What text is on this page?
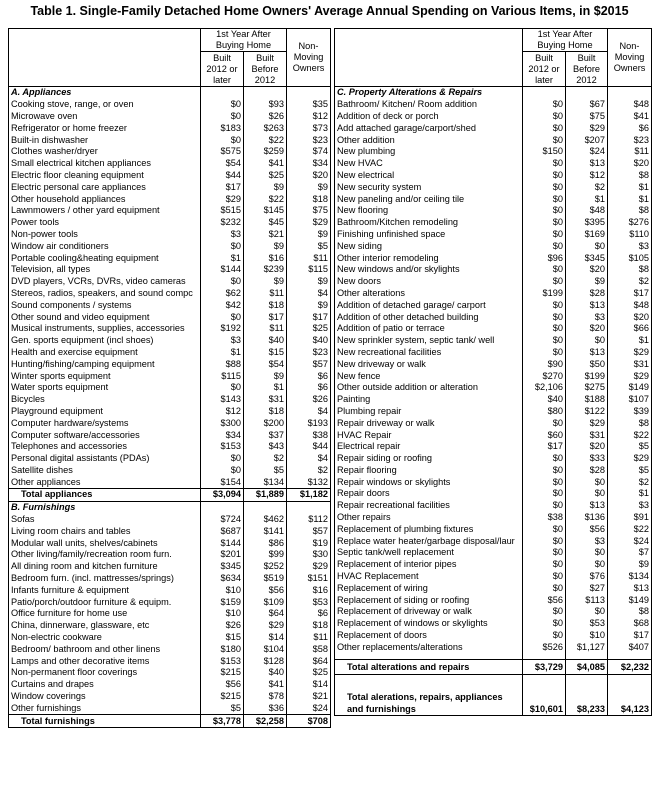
Table 1. Single-Family Detached Home Owners' Average Annual Spending on Various Items, in $2015
	1st Year After Buying Home		Non-Moving Owners
	Built 2012 or later	Built Before 2012	
A. Appliances			
Cooking stove, range, or oven	$0	$93	$35
Microwave oven	$0	$26	$12
Refrigerator or home freezer	$183	$263	$73
Built-in dishwasher	$0	$22	$23
Clothes washer/dryer	$575	$259	$74
Small electrical kitchen appliances	$54	$41	$34
Electric floor cleaning equipment	$44	$25	$20
Electric personal care appliances	$17	$9	$9
Other household appliances	$29	$22	$18
Lawnmowers / other yard equipment	$515	$145	$75
Power tools	$232	$45	$29
Non-power tools	$3	$21	$9
Window air conditioners	$0	$9	$5
Portable cooling&heating equipment	$1	$16	$11
Television, all types	$144	$239	$115
DVD players, VCRs, DVRs, video cameras	$0	$9	$9
Stereos, radios, speakers, and sound compc	$62	$11	$4
Sound components / systems	$42	$18	$9
Other sound and video equipment	$0	$17	$17
Musical instruments, supplies, accessories	$192	$11	$25
Gen. sports equipment (incl shoes)	$3	$40	$40
Health and exercise equipment	$1	$15	$23
Hunting/fishing/camping equipment	$88	$54	$57
Winter sports equipment	$115	$9	$6
Water sports equipment	$0	$1	$6
Bicycles	$143	$31	$26
Playground equipment	$12	$18	$4
Computer hardware/systems	$300	$200	$193
Computer software/accessories	$34	$37	$38
Telephones and accessories	$153	$43	$44
Personal digital assistants (PDAs)	$0	$2	$4
Satellite dishes	$0	$5	$2
Other appliances	$154	$134	$132
Total appliances	$3,094	$1,889	$1,182
B. Furnishings			
Sofas	$724	$462	$112
Living room chairs and tables	$687	$141	$57
Modular wall units, shelves/cabinets	$144	$86	$19
Other living/family/recreation room furn.	$201	$99	$30
All dining room and kitchen furniture	$345	$252	$29
Bedroom furn. (incl. mattresses/springs)	$634	$519	$151
Infants furniture & equipment	$10	$56	$16
Patio/porch/outdoor furniture & equipm.	$159	$109	$53
Office furniture for home use	$10	$64	$6
China, dinnerware, glassware, etc	$26	$29	$18
Non-electric cookware	$15	$14	$11
Bedroom/ bathroom and other linens	$180	$104	$58
Lamps and other decorative items	$153	$128	$64
Non-permanent floor coverings	$215	$40	$25
Curtains and drapes	$56	$41	$14
Window coverings	$215	$78	$21
Other furnishings	$5	$36	$24
Total furnishings	$3,778	$2,258	$708
	1st Year After Buying Home		Non-Moving Owners
	Built 2012 or later	Built Before 2012	
C. Property Alterations & Repairs			
Bathroom/ Kitchen/ Room addition	$0	$67	$48
Addition of deck or porch	$0	$75	$41
Add attached garage/carport/shed	$0	$29	$6
Other addition	$0	$207	$23
New plumbing	$150	$24	$11
New HVAC	$0	$13	$20
New electrical	$0	$12	$8
New security system	$0	$2	$1
New paneling and/or ceiling tile	$0	$1	$1
New flooring	$0	$48	$8
Bathroom/Kitchen remodeling	$0	$395	$276
Finishing unfinished space	$0	$169	$110
New siding	$0	$0	$3
Other interior remodeling	$96	$345	$105
New windows and/or skylights	$0	$20	$8
New doors	$0	$9	$2
Other alterations	$199	$28	$17
Addition of detached garage/ carport	$0	$13	$48
Addition of other detached building	$0	$3	$20
Addition of patio or terrace	$0	$20	$66
New sprinkler system, septic tank/ well	$0	$0	$1
New recreational facilities	$0	$13	$29
New driveway or walk	$90	$50	$31
New fence	$270	$199	$29
Other outside addition or alteration	$2,106	$275	$149
Painting	$40	$188	$107
Plumbing repair	$80	$122	$39
Repair driveway or walk	$0	$29	$8
HVAC Repair	$60	$31	$22
Electrical repair	$17	$20	$5
Repair siding or roofing	$0	$33	$29
Repair flooring	$0	$28	$5
Repair windows or skylights	$0	$0	$2
Repair doors	$0	$0	$1
Repair recreational facilities	$0	$13	$3
Other repairs	$38	$136	$91
Replacement of plumbing fixtures	$0	$56	$22
Replace water heater/garbage disposal/laur	$0	$3	$24
Septic tank/well replacement	$0	$0	$7
Replacement of interior pipes	$0	$0	$9
HVAC Replacement	$0	$76	$134
Replacement of wiring	$0	$27	$13
Replacement of siding or roofing	$56	$113	$149
Replacement of driveway or walk	$0	$0	$8
Replacement of windows or skylights	$0	$53	$68
Replacement of doors	$0	$10	$17
Other replacements/alterations	$526	$1,127	$407

Total alterations and repairs	$3,729	$4,085	$2,232

Total alerations, repairs, appliances and furnishings	$10,601	$8,233	$4,123
